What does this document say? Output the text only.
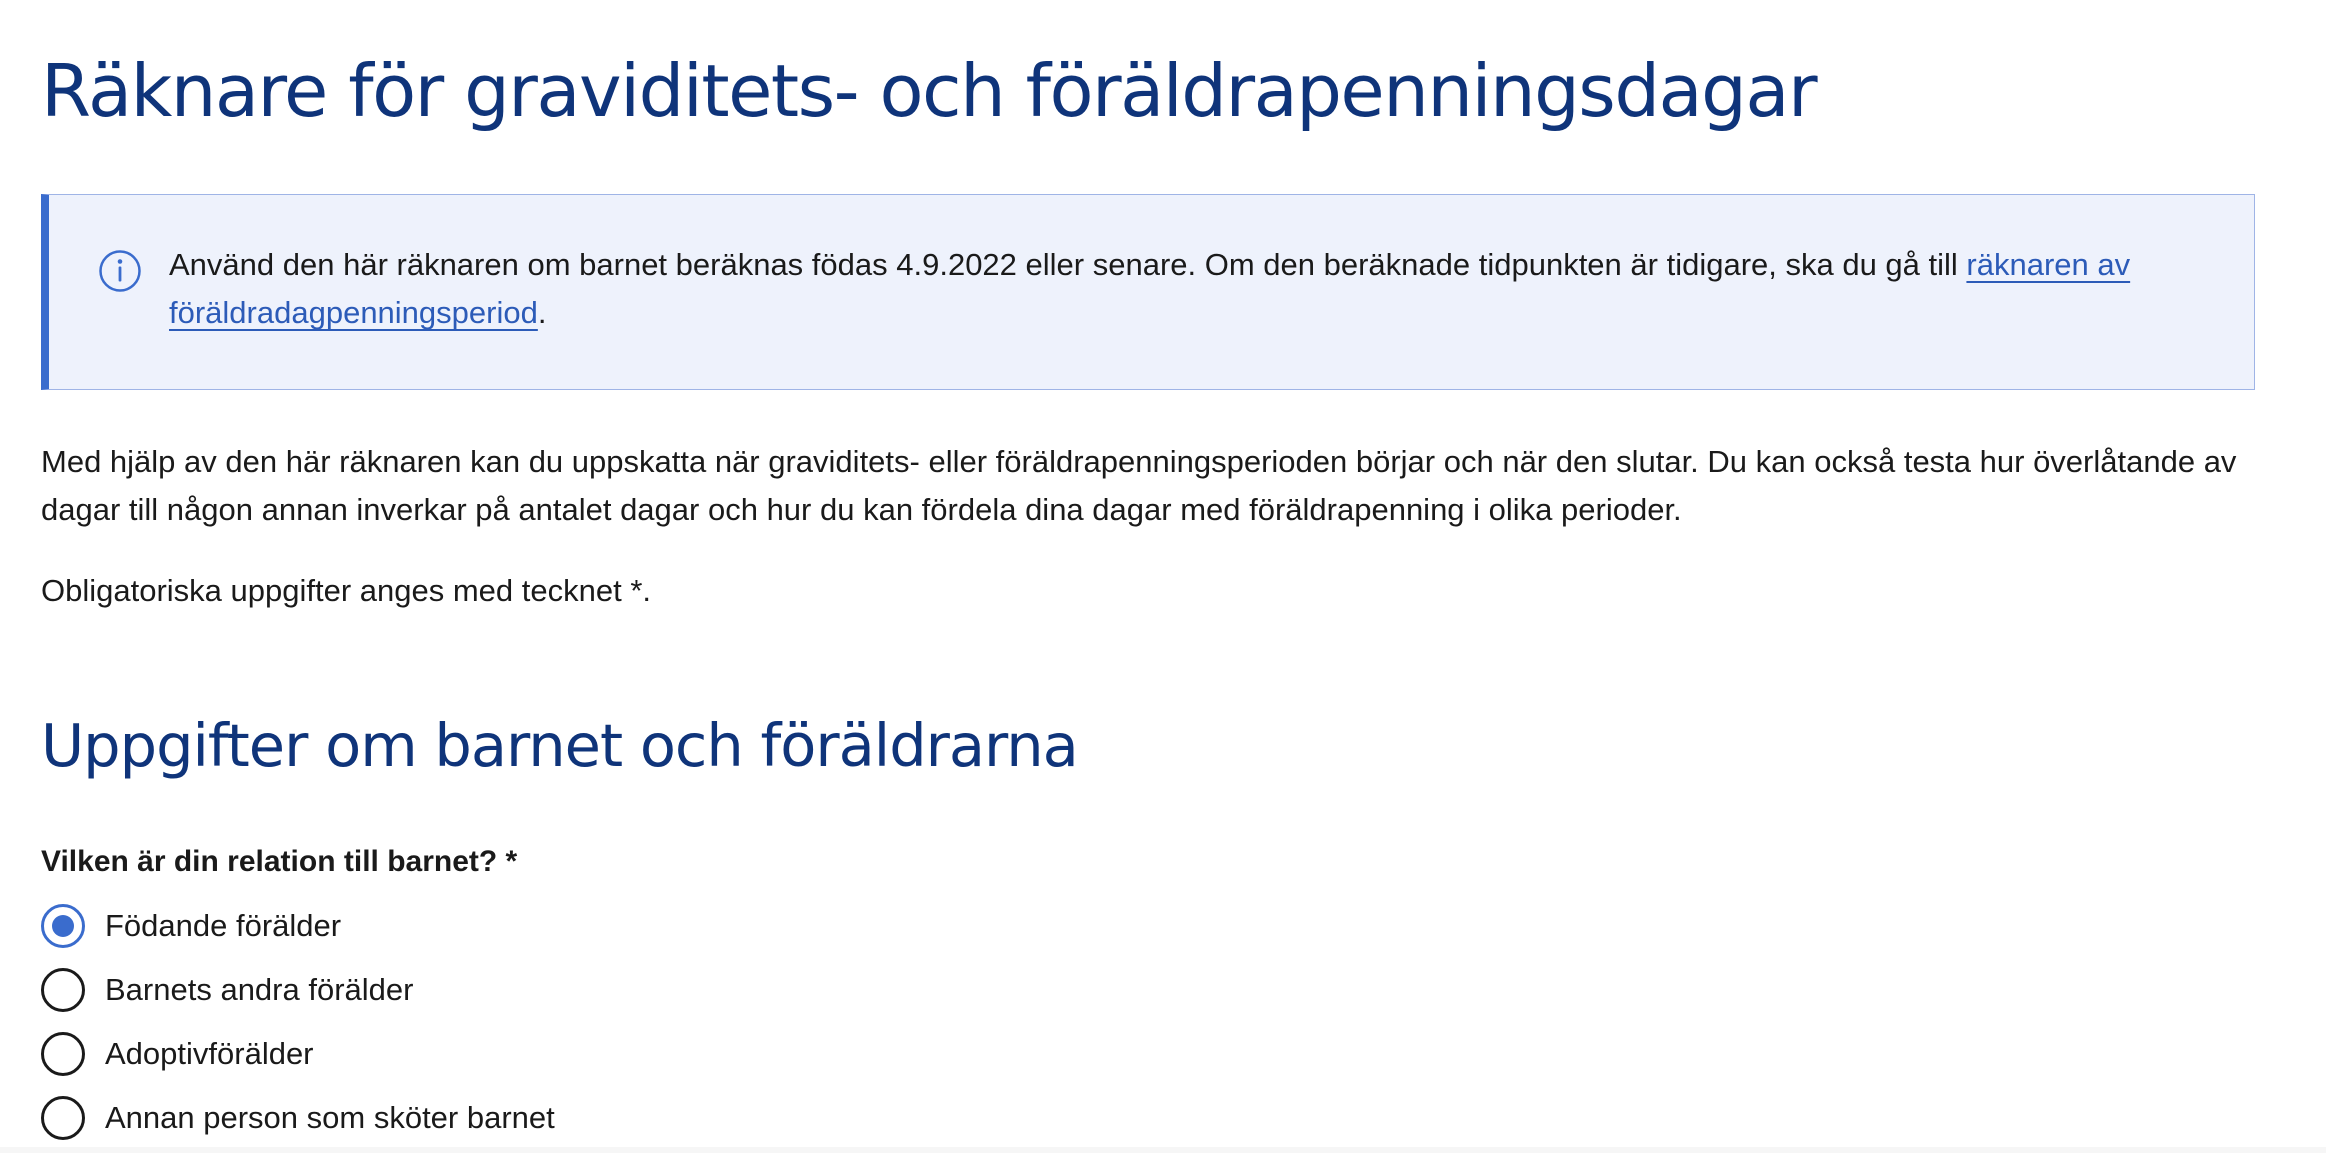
Räknare för graviditets- och föräldrapenningsdagar
Använd den här räknaren om barnet beräknas födas 4.9.2022 eller senare. Om den beräknade tidpunkten är tidigare, ska du gå till räknaren av föräldradagpenningsperiod.

Med hjälp av den här räknaren kan du uppskatta när graviditets- eller föräldrapenningsperioden börjar och när den slutar. Du kan också testa hur överlåtande av dagar till någon annan inverkar på antalet dagar och hur du kan fördela dina dagar med föräldrapenning i olika perioder.

Obligatoriska uppgifter anges med tecknet *.

Uppgifter om barnet och föräldrarna
Vilken är din relation till barnet? *
Födande förälder
Barnets andra förälder
Adoptivförälder
Annan person som sköter barnet
